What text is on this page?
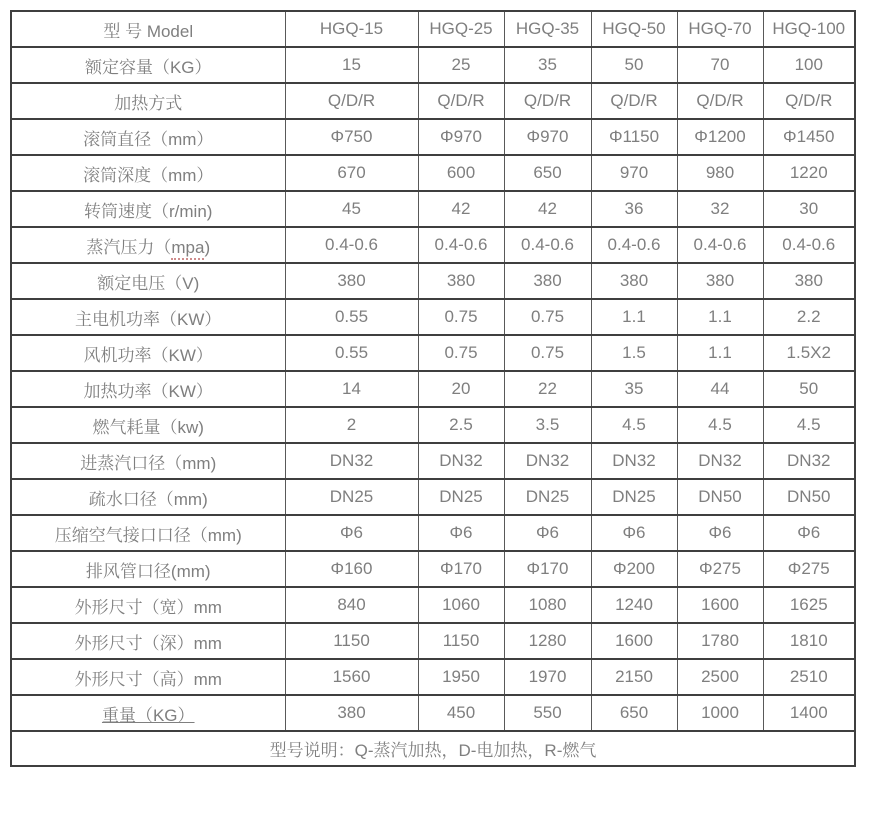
型 号 Model	HGQ-15	HGQ-25	HGQ-35	HGQ-50	HGQ-70	HGQ-100
额定容量（KG）	15	25	35	50	70	100
加热方式	Q/D/R	Q/D/R	Q/D/R	Q/D/R	Q/D/R	Q/D/R
滚筒直径（mm）	Φ750	Φ970	Φ970	Φ1150	Φ1200	Φ1450
滚筒深度（mm）	670	600	650	970	980	1220
转筒速度（r/min)	45	42	42	36	32	30
蒸汽压力（mpa)	0.4-0.6	0.4-0.6	0.4-0.6	0.4-0.6	0.4-0.6	0.4-0.6
额定电压（V)	380	380	380	380	380	380
主电机功率（KW）	0.55	0.75	0.75	1.1	1.1	2.2
风机功率（KW）	0.55	0.75	0.75	1.5	1.1	1.5X2
加热功率（KW）	14	20	22	35	44	50
燃气耗量（kw)	2	2.5	3.5	4.5	4.5	4.5
进蒸汽口径（mm)	DN32	DN32	DN32	DN32	DN32	DN32
疏水口径（mm)	DN25	DN25	DN25	DN25	DN50	DN50
压缩空气接口口径（mm)	Φ6	Φ6	Φ6	Φ6	Φ6	Φ6
排风管口径(mm)	Φ160	Φ170	Φ170	Φ200	Φ275	Φ275
外形尺寸（宽）mm	840	1060	1080	1240	1600	1625
外形尺寸（深）mm	1150	1150	1280	1600	1780	1810
外形尺寸（高）mm	1560	1950	1970	2150	2500	2510
重量（KG）	380	450	550	650	1000	1400
型号说明：Q-蒸汽加热，D-电加热，R-燃气						
